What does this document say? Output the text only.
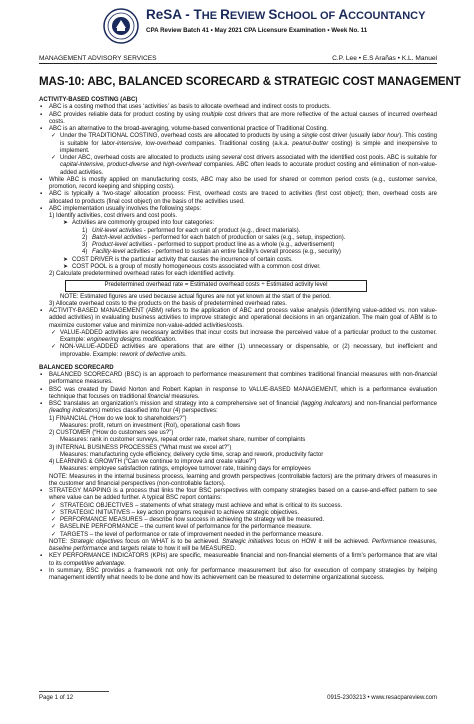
ReSA - THE REVIEW SCHOOL OF ACCOUNTANCY
CPA Review Batch 41 • May 2021 CPA Licensure Examination • Week No. 11
MANAGEMENT ADVISORY SERVICES	C.P. Lee • E.S Arañas • K.L. Manuel
MAS-10: ABC, BALANCED SCORECARD & STRATEGIC COST MANAGEMENT
ACTIVITY-BASED COSTING (ABC)
▪ ABC is a costing method that uses ‘activities’ as basis to allocate overhead and indirect costs to products.
▪ ABC provides reliable data for product costing by using multiple cost drivers that are more reflective of the actual causes of incurred overhead costs.
▪ ABC is an alternative to the broad-averaging, volume-based conventional practice of Traditional Costing.
✓ Under the TRADITIONAL COSTING, overhead costs are allocated to products by using a single cost driver (usually labor hour). This costing is suitable for labor-intensive, low-overhead companies. Traditional costing (a.k.a. peanut-butter costing) is simple and inexpensive to implement.
✓ Under ABC, overhead costs are allocated to products using several cost drivers associated with the identified cost pools. ABC is suitable for capital-intensive, product-diverse and high-overhead companies. ABC often leads to accurate product costing and elimination of non-value-added activities.
▪ While ABC is mostly applied on manufacturing costs, ABC may also be used for shared or common period costs (e.g., customer service, promotion, record keeping and shipping costs).
▪ ABC is typically a ‘two-stage’ allocation process: First, overhead costs are traced to activities (first cost object); then, overhead costs are allocated to products (final cost object) on the basis of the activities used.
▪ ABC implementation usually involves the following steps:
1) Identify activities, cost drivers and cost pools.
➤ Activities are commonly grouped into four categories:
1) Unit-level activities - performed for each unit of product (e.g., direct materials).
2) Batch-level activities - performed for each batch of production or sales (e.g., setup, inspection).
3) Product-level activities - performed to support product line as a whole (e.g., advertisement)
4) Facility-level activities - performed to sustain an entire facility’s overall process (e.g., security)
➤ COST DRIVER is the particular activity that causes the incurrence of certain costs.
➤ COST POOL is a group of mostly homogeneous costs associated with a common cost driver.
2) Calculate predetermined overhead rates for each identified activity.
Predetermined overhead rate = Estimated overhead costs ÷ Estimated activity level
NOTE: Estimated figures are used because actual figures are not yet known at the start of the period.
3) Allocate overhead costs to the products on the basis of predetermined overhead rates.
▪ ACTIVITY-BASED MANAGEMENT (ABM) refers to the application of ABC and process value analysis (identifying value-added vs. non value-added activities) in evaluating business activities to improve strategic and operational decisions in an organization. The main goal of ABM is to maximize customer value and minimize non-value-added activities/costs.
✓ VALUE-ADDED activities are necessary activities that incur costs but increase the perceived value of a particular product to the customer. Example: engineering designs modification.
✓ NON-VALUE-ADDED activities are operations that are either (1) unnecessary or dispensable, or (2) necessary, but inefficient and improvable. Example: rework of defective units.
BALANCED SCORECARD
▪ BALANCED SCORECARD (BSC) is an approach to performance measurement that combines traditional financial measures with non-financial performance measures.
▪ BSC was created by David Norton and Robert Kaplan in response to VALUE-BASED MANAGEMENT, which is a performance evaluation technique that focuses on traditional financial measures.
▪ BSC translates an organization’s mission and strategy into a comprehensive set of financial (lagging indicators) and non-financial performance (leading indicators) metrics classified into four (4) perspectives:
1) FINANCIAL (“How do we look to shareholders?”)
Measures: profit, return on investment (RoI), operational cash flows
2) CUSTOMER (“How do customers see us?”)
Measures: rank in customer surveys, repeat order rate, market share, number of complaints
3) INTERNAL BUSINESS PROCESSES (“What must we excel at?”)
Measures: manufacturing cycle efficiency, delivery cycle time, scrap and rework, productivity factor
4) LEARNING & GROWTH (“Can we continue to improve and create value?”)
Measures: employee satisfaction ratings, employee turnover rate, training days for employees
NOTE: Measures in the internal business process, learning and growth perspectives (controllable factors) are the primary drivers of measures in the customer and financial perspectives (non-controllable factors).
▪ STRATEGY MAPPING is a process that links the four BSC perspectives with company strategies based on a cause-and-effect pattern to see where value can be added further. A typical BSC report contains:
✓ STRATEGIC OBJECTIVES – statements of what strategy must achieve and what is critical to its success.
✓ STRATEGIC INITIATIVES – key action programs required to achieve strategic objectives.
✓ PERFORMANCE MEASURES – describe how success in achieving the strategy will be measured.
✓ BASELINE PERFORMANCE – the current level of performance for the performance measure.
✓ TARGETS – the level of performance or rate of improvement needed in the performance measure.
NOTE: Strategic objectives focus on WHAT is to be achieved. Strategic initiatives focus on HOW it will be achieved. Performance measures, baseline performance and targets relate to how it will be MEASURED.
▪ KEY PERFORMANCE INDICATORS (KPIs) are specific, measureable financial and non-financial elements of a firm’s performance that are vital to its competitive advantage.
▪ In summary, BSC provides a framework not only for performance measurement but also for execution of company strategies by helping management identify what needs to be done and how its achievement can be measured to determine organizational success.
Page 1 of 12	0915-2303213 • www.resacpareview.com
